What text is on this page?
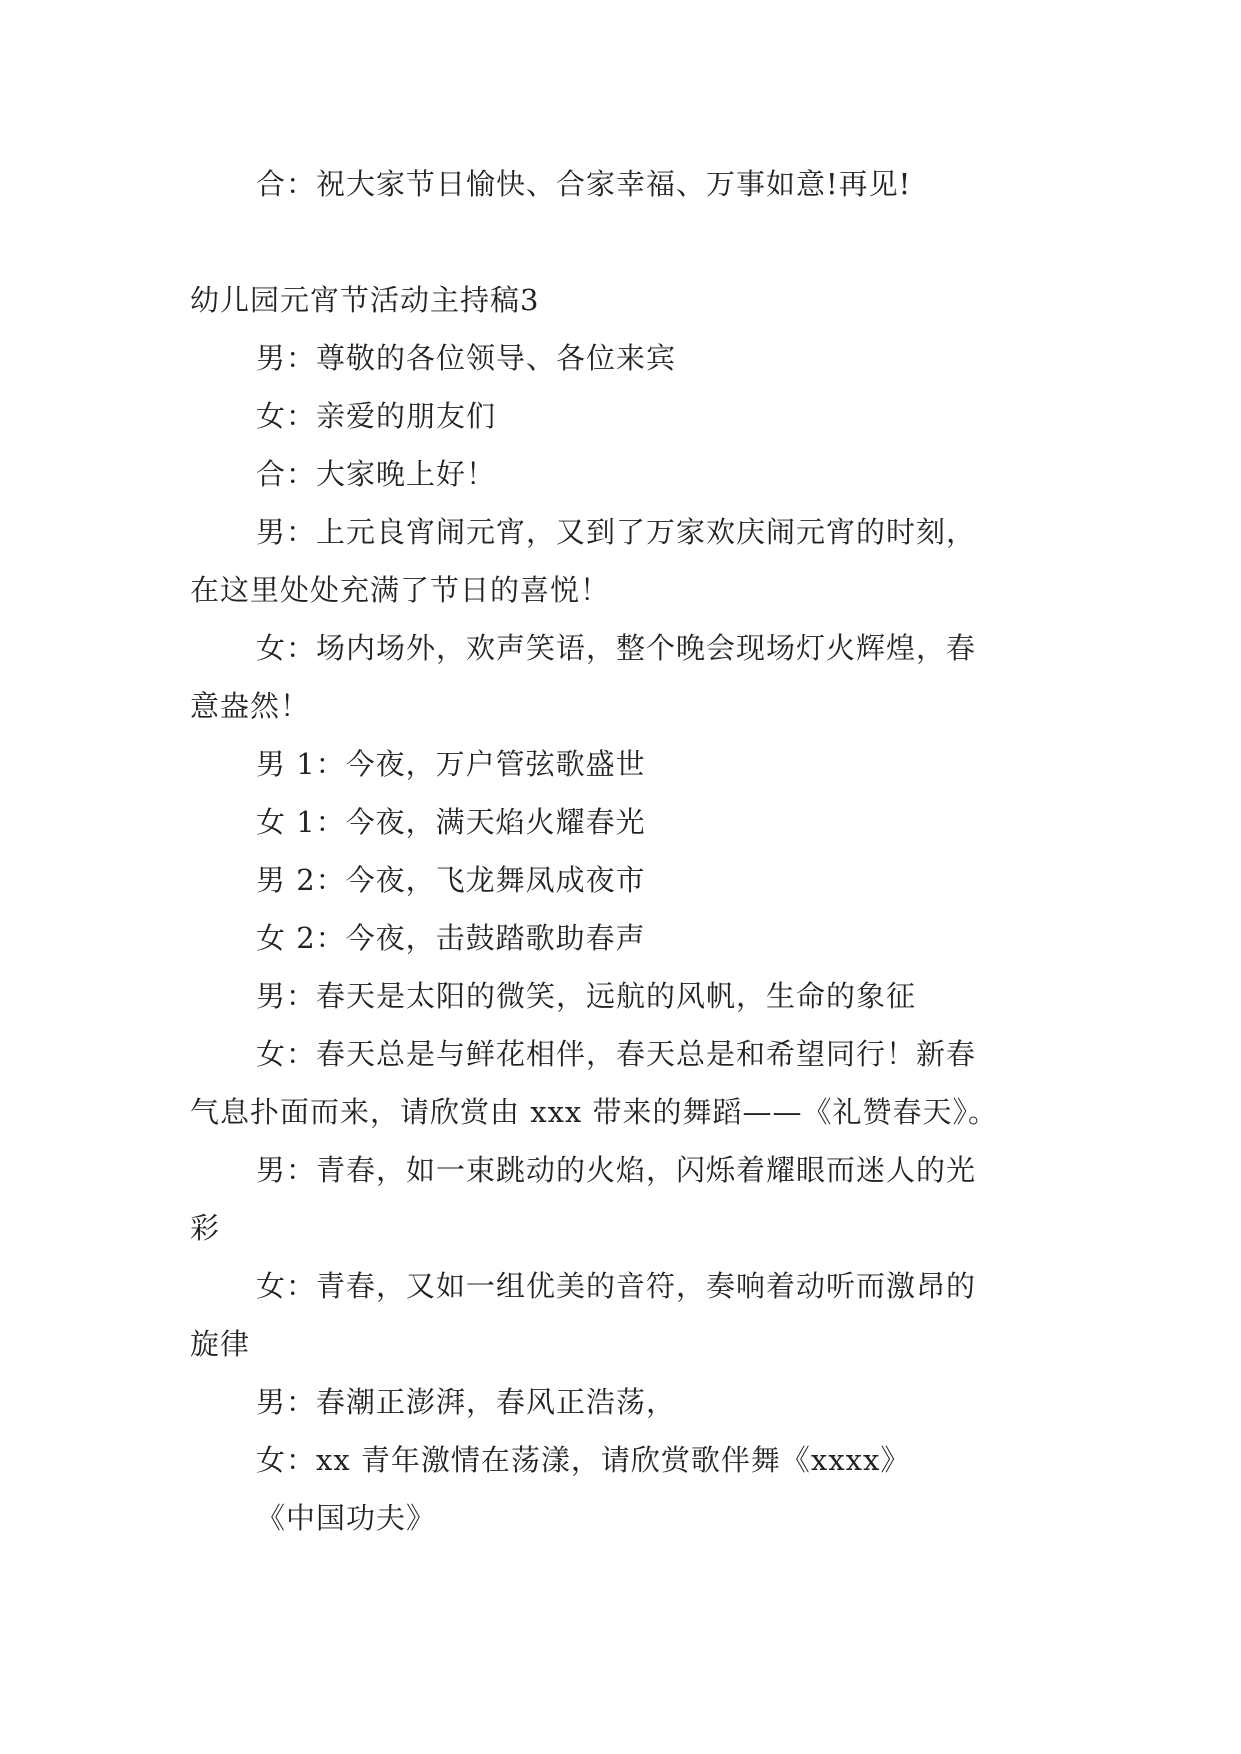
合：祝大家节日愉快、合家幸福、万事如意!再见!
幼儿园元宵节活动主持稿3
男：尊敬的各位领导、各位来宾
女：亲爱的朋友们
合：大家晚上好！
男：上元良宵闹元宵，又到了万家欢庆闹元宵的时刻，
在这里处处充满了节日的喜悦！
女：场内场外，欢声笑语，整个晚会现场灯火辉煌，春
意盎然！
男 1：今夜，万户管弦歌盛世
女 1：今夜，满天焰火耀春光
男 2：今夜，飞龙舞凤成夜市
女 2：今夜，击鼓踏歌助春声
男：春天是太阳的微笑，远航的风帆，生命的象征
女：春天总是与鲜花相伴，春天总是和希望同行！新春
气息扑面而来，请欣赏由 xxx 带来的舞蹈——《礼赞春天》。
男：青春，如一束跳动的火焰，闪烁着耀眼而迷人的光
彩
女：青春，又如一组优美的音符，奏响着动听而激昂的
旋律
男：春潮正澎湃，春风正浩荡，
女：xx 青年激情在荡漾，请欣赏歌伴舞《xxxx》
《中国功夫》
